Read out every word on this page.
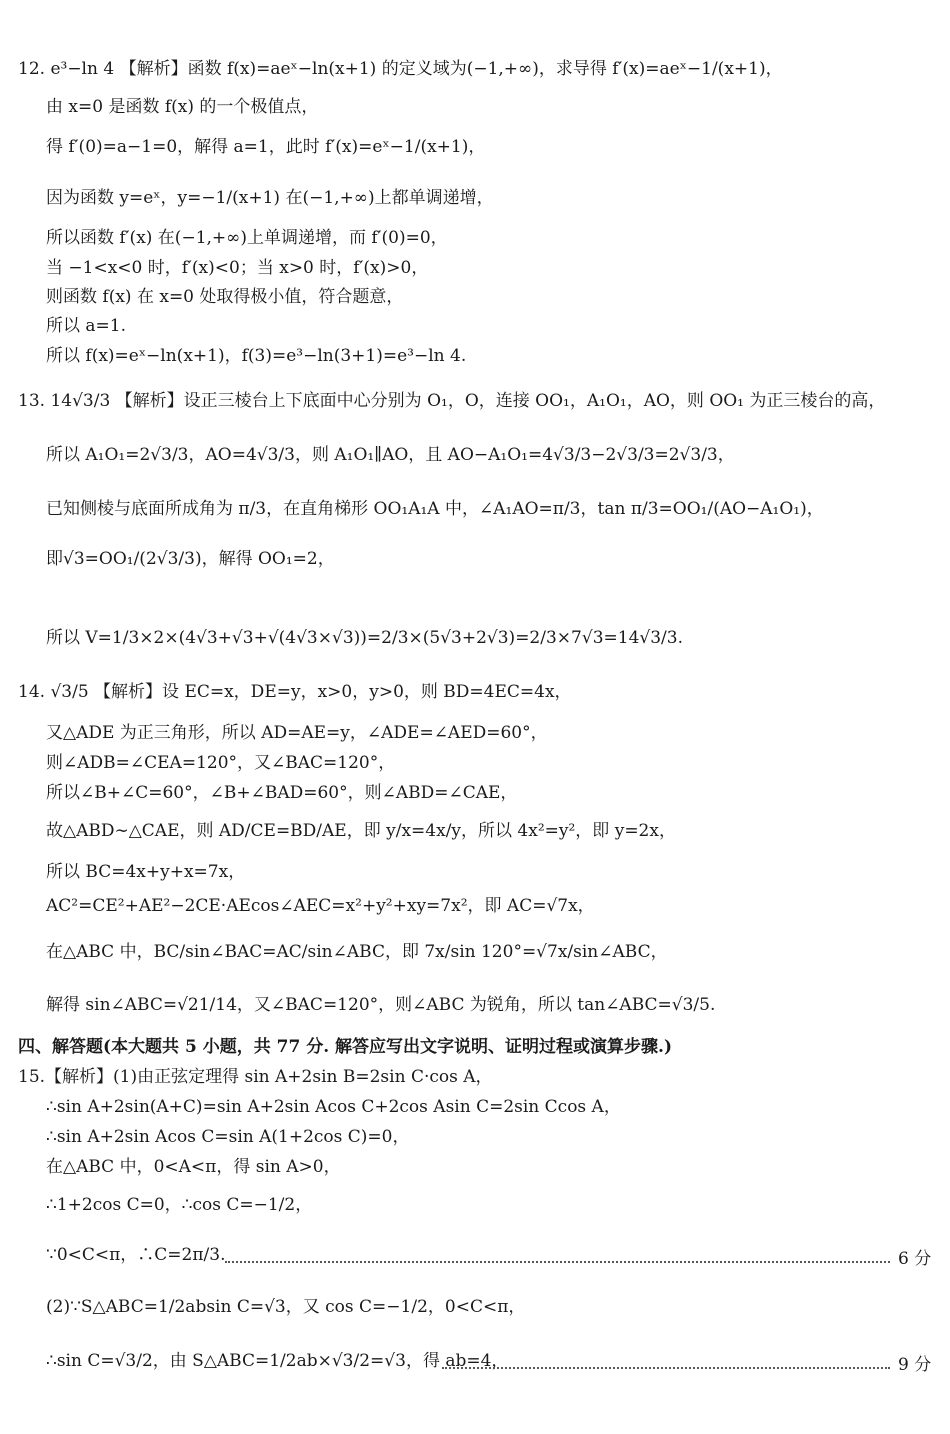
12. e³−ln 4 【解析】函数 f(x)=aeˣ−ln(x+1) 的定义域为(−1,+∞)，求导得 f′(x)=aeˣ−1/(x+1)，
由 x=0 是函数 f(x) 的一个极值点，
得 f′(0)=a−1=0，解得 a=1，此时 f′(x)=eˣ−1/(x+1)，
因为函数 y=eˣ，y=−1/(x+1) 在(−1,+∞)上都单调递增，
所以函数 f′(x) 在(−1,+∞)上单调递增，而 f′(0)=0，
当 −1<x<0 时，f′(x)<0；当 x>0 时，f′(x)>0，
则函数 f(x) 在 x=0 处取得极小值，符合题意，
所以 a=1.
所以 f(x)=eˣ−ln(x+1)，f(3)=e³−ln(3+1)=e³−ln 4.
13. 14√3/3 【解析】设正三棱台上下底面中心分别为 O₁，O，连接 OO₁，A₁O₁，AO，则 OO₁ 为正三棱台的高，
所以 A₁O₁=2√3/3，AO=4√3/3，则 A₁O₁∥AO，且 AO−A₁O₁=4√3/3−2√3/3=2√3/3，
已知侧棱与底面所成角为 π/3，在直角梯形 OO₁A₁A 中，∠A₁AO=π/3，tan π/3=OO₁/(AO−A₁O₁)，
即√3=OO₁/(2√3/3)，解得 OO₁=2，
所以 V=1/3×2×(4√3+√3+√(4√3×√3))=2/3×(5√3+2√3)=2/3×7√3=14√3/3.
14. √3/5 【解析】设 EC=x，DE=y，x>0，y>0，则 BD=4EC=4x，
又△ADE 为正三角形，所以 AD=AE=y，∠ADE=∠AED=60°，
则∠ADB=∠CEA=120°，又∠BAC=120°，
所以∠B+∠C=60°，∠B+∠BAD=60°，则∠ABD=∠CAE，
故△ABD∼△CAE，则 AD/CE=BD/AE，即 y/x=4x/y，所以 4x²=y²，即 y=2x，
所以 BC=4x+y+x=7x，
AC²=CE²+AE²−2CE·AEcos∠AEC=x²+y²+xy=7x²，即 AC=√7x，
在△ABC 中，BC/sin∠BAC=AC/sin∠ABC，即 7x/sin 120°=√7x/sin∠ABC，
解得 sin∠ABC=√21/14，又∠BAC=120°，则∠ABC 为锐角，所以 tan∠ABC=√3/5.
四、解答题(本大题共 5 小题，共 77 分. 解答应写出文字说明、证明过程或演算步骤.)
15.【解析】(1)由正弦定理得 sin A+2sin B=2sin C·cos A，
∴sin A+2sin(A+C)=sin A+2sin Acos C+2cos Asin C=2sin Ccos A，
∴sin A+2sin Acos C=sin A(1+2cos C)=0，
在△ABC 中，0<A<π，得 sin A>0，
∴1+2cos C=0，∴cos C=−1/2，
∵0<C<π，∴C=2π/3.	6 分
(2)∵S△ABC=1/2absin C=√3，又 cos C=−1/2，0<C<π，
∴sin C=√3/2，由 S△ABC=1/2ab×√3/2=√3，得 ab=4，	9 分
